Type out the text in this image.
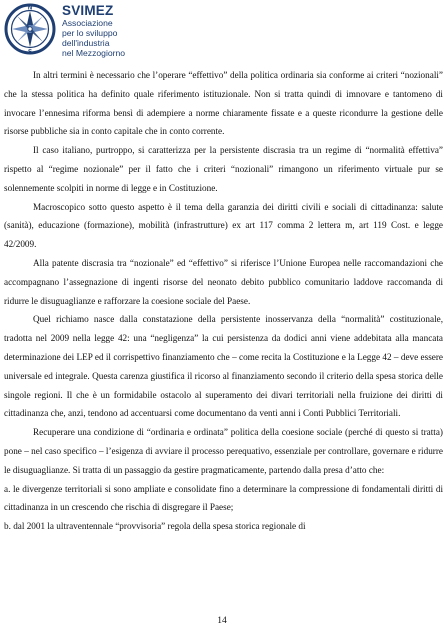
N
S
SVIMEZ
Associazione
per lo sviluppo
dell'industria
nel Mezzogiorno

In altri termini è necessario che l’operare “effettivo” della politica ordinaria sia conforme ai criteri “nozionali” che la stessa politica ha definito quale riferimento istituzionale. Non si tratta quindi di imnovare e tantomeno di invocare l’ennesima riforma bensì di adempiere a norme chiaramente fissate e a queste ricondurre la gestione delle risorse pubbliche sia in conto capitale che in conto corrente.

Il caso italiano, purtroppo, si caratterizza per la persistente discrasia tra un regime di “normalità effettiva” rispetto al “regime nozionale” per il fatto che i criteri “nozionali” rimangono un riferimento virtuale pur se solennemente scolpiti in norme di legge e in Costituzione.

Macroscopico sotto questo aspetto è il tema della garanzia dei diritti civili e sociali di cittadinanza: salute (sanità), educazione (formazione), mobilità (infrastrutture) ex art 117 comma 2 lettera m, art 119 Cost. e legge 42/2009.

Alla patente discrasia tra “nozionale” ed “effettivo” si riferisce l’Unione Europea nelle raccomandazioni che accompagnano l’assegnazione di ingenti risorse del neonato debito pubblico comunitario laddove raccomanda di ridurre le disuguaglianze e rafforzare la coesione sociale del Paese.

Quel richiamo nasce dalla constatazione della persistente inosservanza della “normalità” costituzionale, tradotta nel 2009 nella legge 42: una “negligenza” la cui persistenza da dodici anni viene addebitata alla mancata determinazione dei LEP ed il corrispettivo finanziamento che – come recita la Costituzione e la Legge 42 – deve essere universale ed integrale. Questa carenza giustifica il ricorso al finanziamento secondo il criterio della spesa storica delle singole regioni. Il che è un formidabile ostacolo al superamento dei divari territoriali nella fruizione dei diritti di cittadinanza che, anzi, tendono ad accentuarsi come documentano da venti anni i Conti Pubblici Territoriali.

Recuperare una condizione di “ordinaria e ordinata” politica della coesione sociale (perché di questo si tratta) pone – nel caso specifico – l’esigenza di avviare il processo perequativo, essenziale per controllare, governare e ridurre le disuguaglianze. Si tratta di un passaggio da gestire pragmaticamente, partendo dalla presa d’atto che:

a. le divergenze territoriali si sono ampliate e consolidate fino a determinare la compressione di fondamentali diritti di cittadinanza in un crescendo che rischia di disgregare il Paese;

b. dal 2001 la ultraventennale “provvisoria” regola della spesa storica regionale di

14
